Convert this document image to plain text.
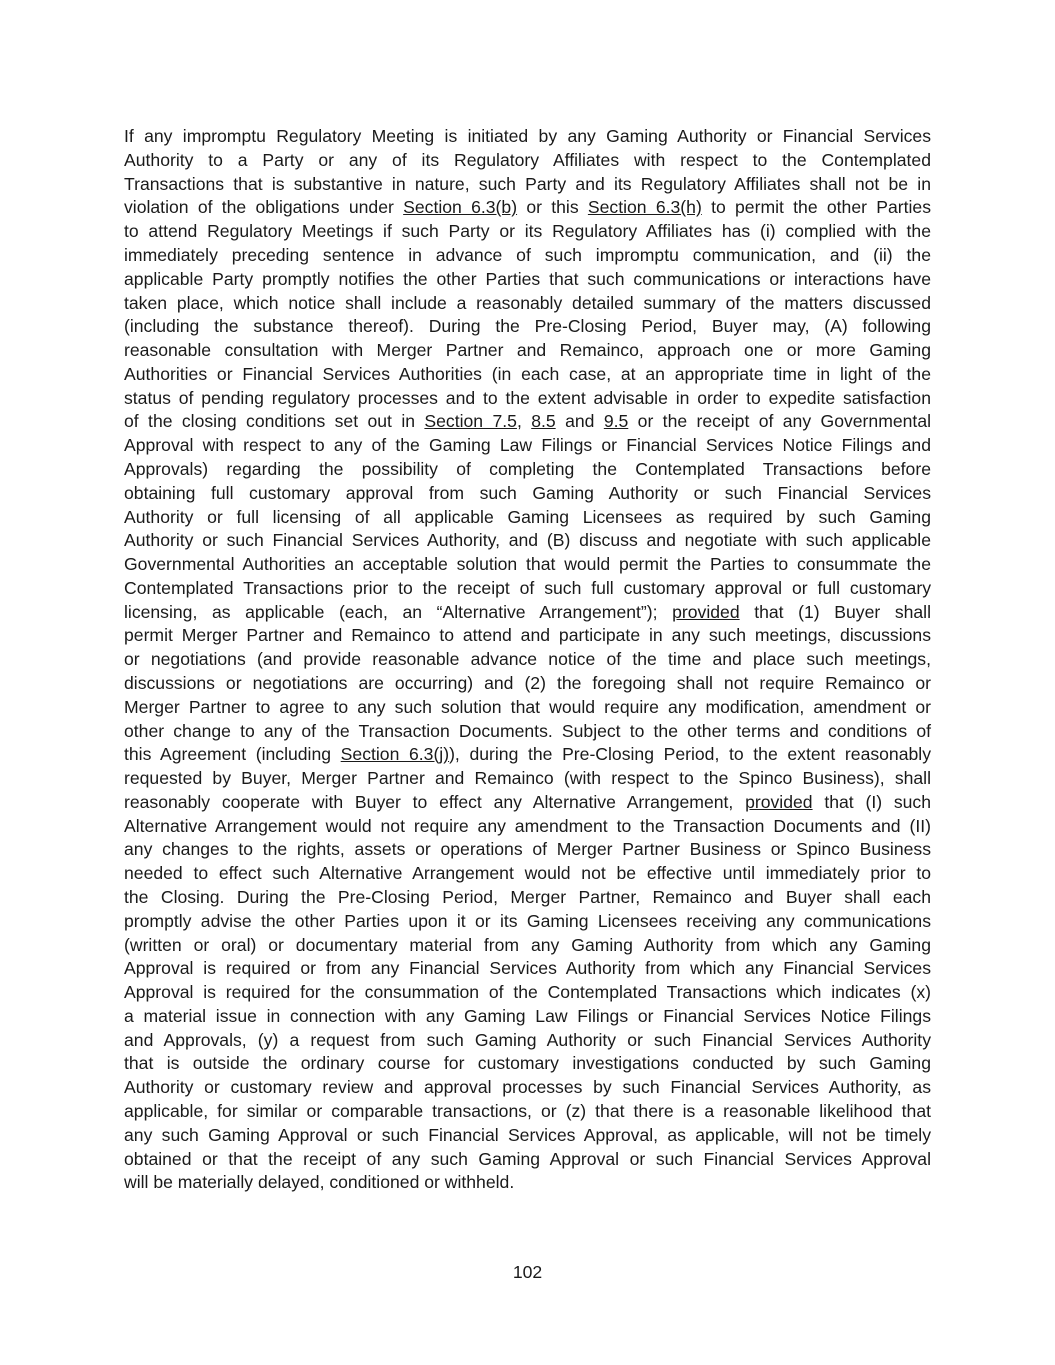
If any impromptu Regulatory Meeting is initiated by any Gaming Authority or Financial Services
Authority to a Party or any of its Regulatory Affiliates with respect to the Contemplated
Transactions that is substantive in nature, such Party and its Regulatory Affiliates shall not be in
violation of the obligations under Section 6.3(b) or this Section 6.3(h) to permit the other Parties
to attend Regulatory Meetings if such Party or its Regulatory Affiliates has (i) complied with the
immediately preceding sentence in advance of such impromptu communication, and (ii) the
applicable Party promptly notifies the other Parties that such communications or interactions have
taken place, which notice shall include a reasonably detailed summary of the matters discussed
(including the substance thereof). During the Pre-Closing Period, Buyer may, (A) following
reasonable consultation with Merger Partner and Remainco, approach one or more Gaming
Authorities or Financial Services Authorities (in each case, at an appropriate time in light of the
status of pending regulatory processes and to the extent advisable in order to expedite satisfaction
of the closing conditions set out in Section 7.5, 8.5 and 9.5 or the receipt of any Governmental
Approval with respect to any of the Gaming Law Filings or Financial Services Notice Filings and
Approvals) regarding the possibility of completing the Contemplated Transactions before
obtaining full customary approval from such Gaming Authority or such Financial Services
Authority or full licensing of all applicable Gaming Licensees as required by such Gaming
Authority or such Financial Services Authority, and (B) discuss and negotiate with such applicable
Governmental Authorities an acceptable solution that would permit the Parties to consummate the
Contemplated Transactions prior to the receipt of such full customary approval or full customary
licensing, as applicable (each, an “Alternative Arrangement”); provided that (1) Buyer shall
permit Merger Partner and Remainco to attend and participate in any such meetings, discussions
or negotiations (and provide reasonable advance notice of the time and place such meetings,
discussions or negotiations are occurring) and (2) the foregoing shall not require Remainco or
Merger Partner to agree to any such solution that would require any modification, amendment or
other change to any of the Transaction Documents. Subject to the other terms and conditions of
this Agreement (including Section 6.3(j)), during the Pre-Closing Period, to the extent reasonably
requested by Buyer, Merger Partner and Remainco (with respect to the Spinco Business), shall
reasonably cooperate with Buyer to effect any Alternative Arrangement, provided that (I) such
Alternative Arrangement would not require any amendment to the Transaction Documents and (II)
any changes to the rights, assets or operations of Merger Partner Business or Spinco Business
needed to effect such Alternative Arrangement would not be effective until immediately prior to
the Closing. During the Pre-Closing Period, Merger Partner, Remainco and Buyer shall each
promptly advise the other Parties upon it or its Gaming Licensees receiving any communications
(written or oral) or documentary material from any Gaming Authority from which any Gaming
Approval is required or from any Financial Services Authority from which any Financial Services
Approval is required for the consummation of the Contemplated Transactions which indicates (x)
a material issue in connection with any Gaming Law Filings or Financial Services Notice Filings
and Approvals, (y) a request from such Gaming Authority or such Financial Services Authority
that is outside the ordinary course for customary investigations conducted by such Gaming
Authority or customary review and approval processes by such Financial Services Authority, as
applicable, for similar or comparable transactions, or (z) that there is a reasonable likelihood that
any such Gaming Approval or such Financial Services Approval, as applicable, will not be timely
obtained or that the receipt of any such Gaming Approval or such Financial Services Approval
will be materially delayed, conditioned or withheld.
102
